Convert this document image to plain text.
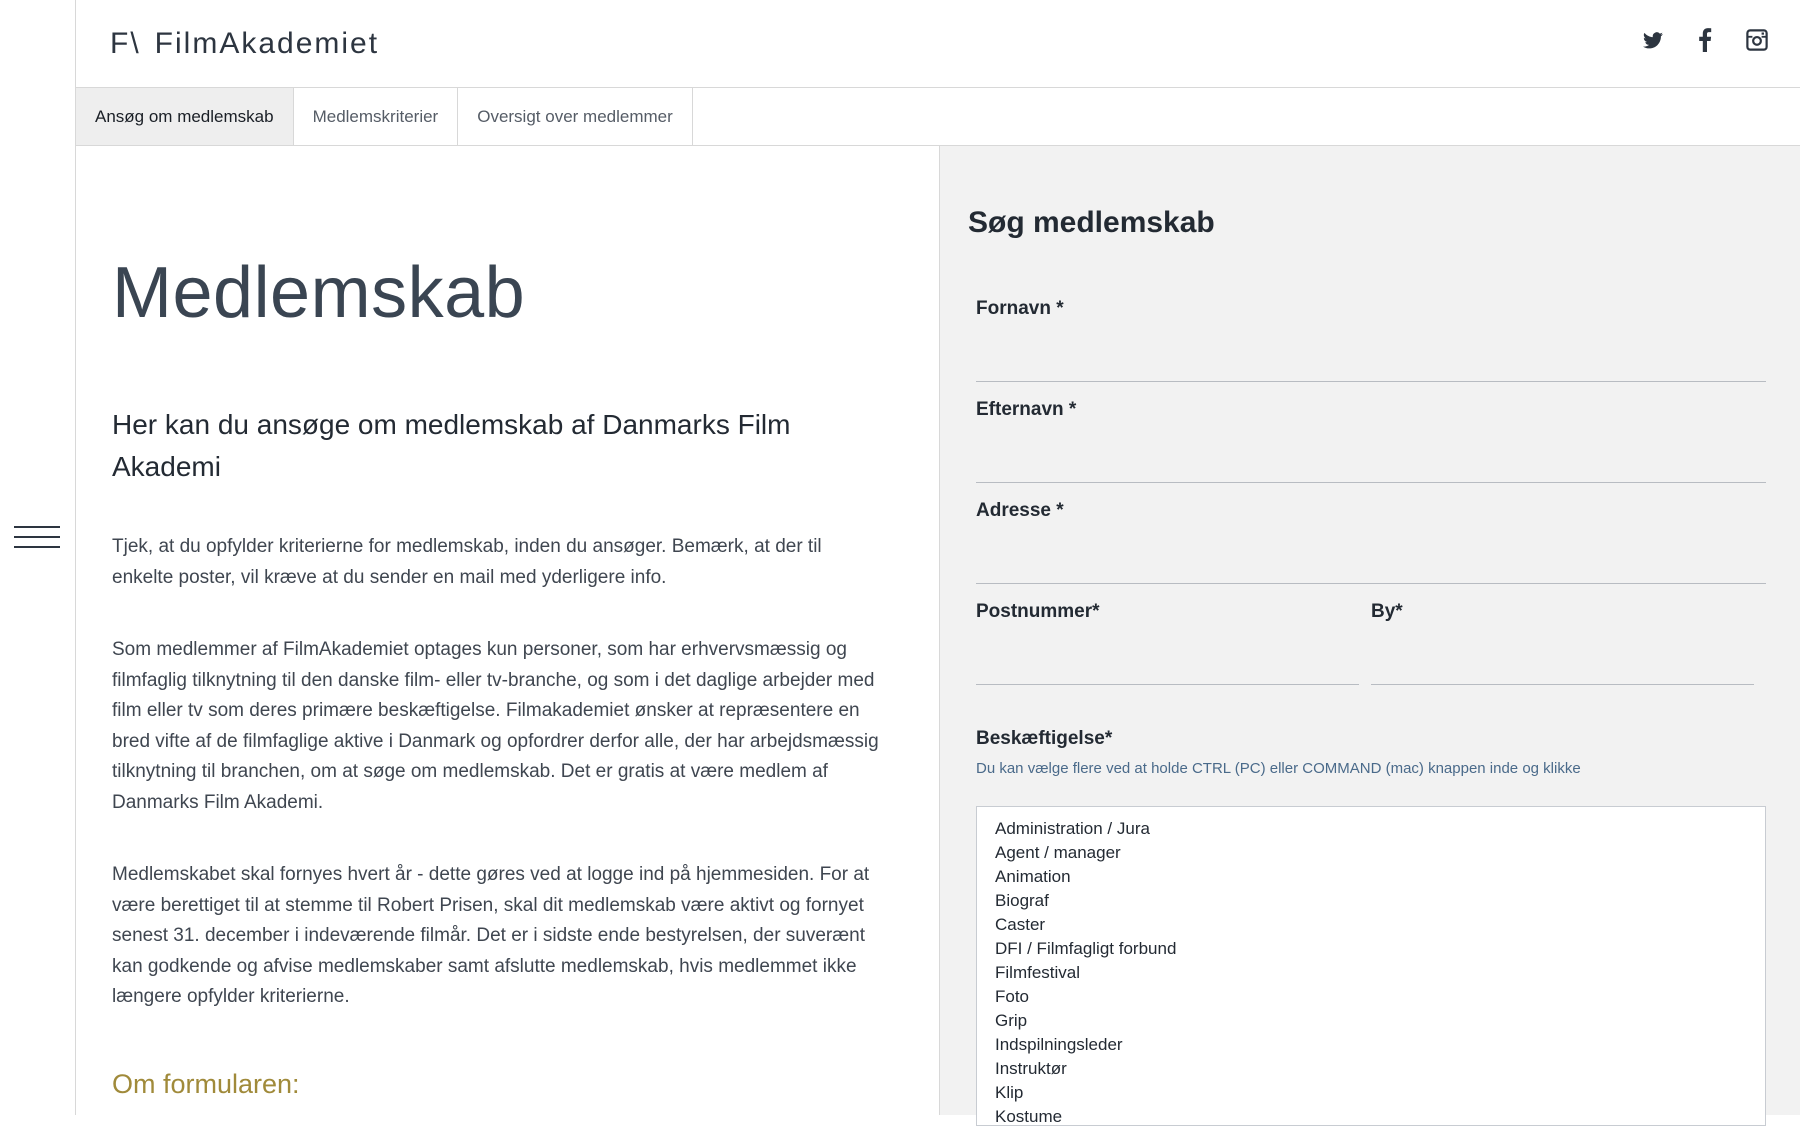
F\ FilmAkademiet
Ansøg om medlemskab	Medlemskriterier	Oversigt over medlemmer
Medlemskab
Her kan du ansøge om medlemskab af Danmarks Film Akademi

Tjek, at du opfylder kriterierne for medlemskab, inden du ansøger. Bemærk, at der til enkelte poster, vil kræve at du sender en mail med yderligere info.

Som medlemmer af FilmAkademiet optages kun personer, som har erhvervsmæssig og filmfaglig tilknytning til den danske film- eller tv-branche, og som i det daglige arbejder med film eller tv som deres primære beskæftigelse. Filmakademiet ønsker at repræsentere en bred vifte af de filmfaglige aktive i Danmark og opfordrer derfor alle, der har arbejdsmæssig tilknytning til branchen, om at søge om medlemskab. Det er gratis at være medlem af Danmarks Film Akademi.

Medlemskabet skal fornyes hvert år - dette gøres ved at logge ind på hjemmesiden. For at være berettiget til at stemme til Robert Prisen, skal dit medlemskab være aktivt og fornyet senest 31. december i indeværende filmår. Det er i sidste ende bestyrelsen, der suverænt kan godkende og afvise medlemskaber samt afslutte medlemskab, hvis medlemmet ikke længere opfylder kriterierne.

Om formularen:
Søg medlemskab
Fornavn *
Efternavn *
Adresse *
Postnummer*	By*
Beskæftigelse*
Du kan vælge flere ved at holde CTRL (PC) eller COMMAND (mac) knappen inde og klikke
Administration / Jura
Agent / manager
Animation
Biograf
Caster
DFI / Filmfagligt forbund
Filmfestival
Foto
Grip
Indspilningsleder
Instruktør
Klip
Kostume
